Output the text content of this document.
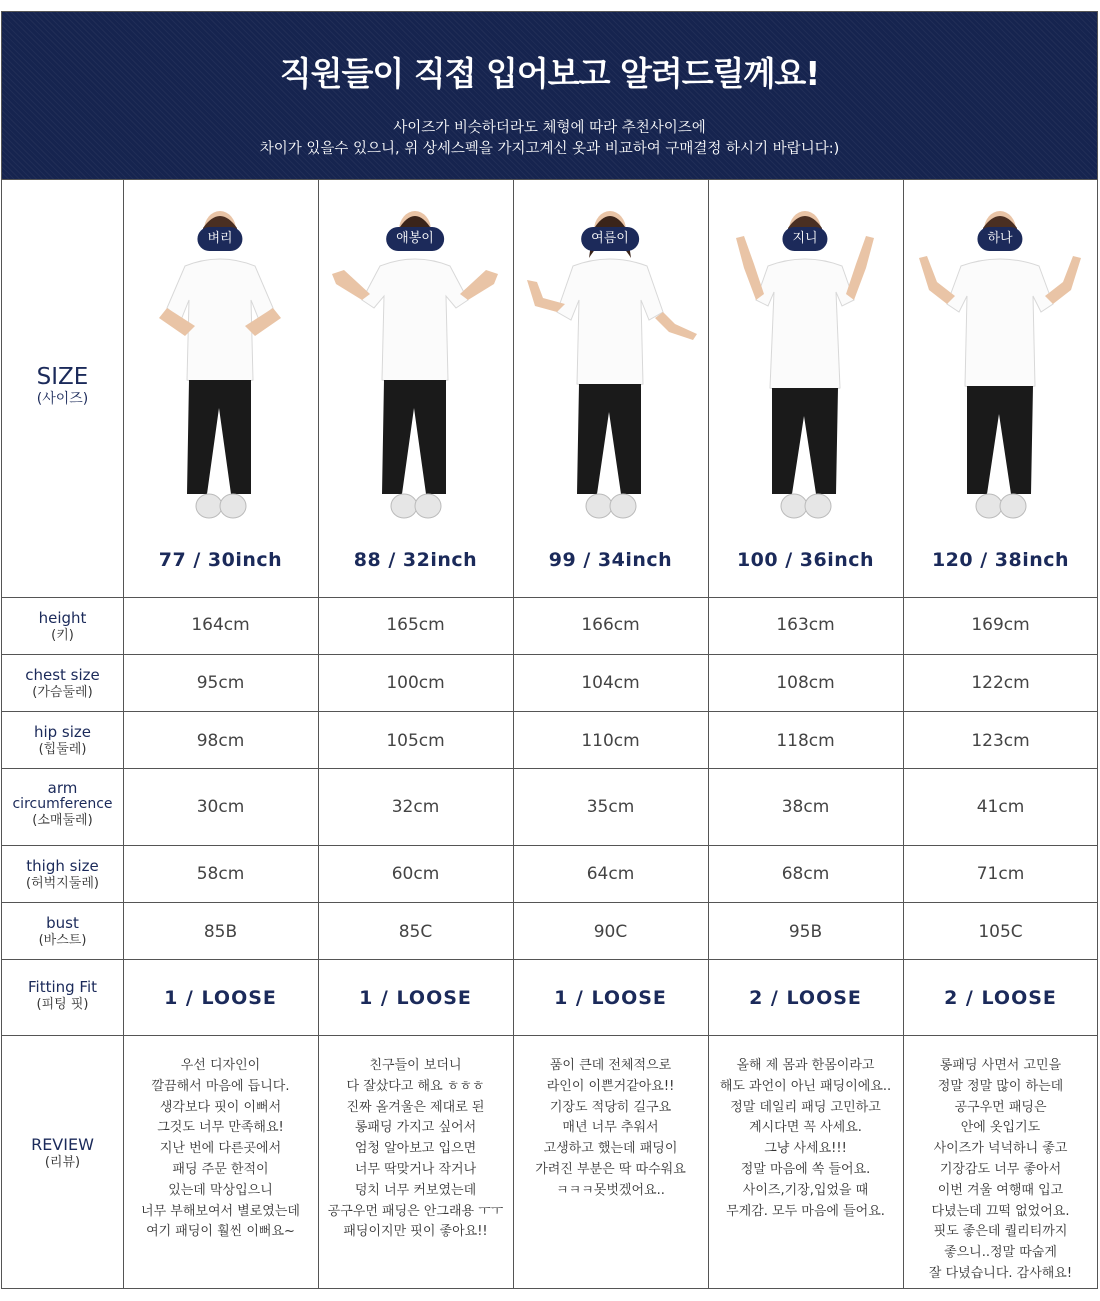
직원들이 직접 입어보고 알려드릴께요!
사이즈가 비슷하더라도 체형에 따라 추천사이즈에
차이가 있을수 있으니, 위 상세스펙을 가지고계신 옷과 비교하여 구매결정 하시기 바랍니다:)
SIZE
(사이즈)
height
(키)
chest size
(가슴둘레)
hip size
(힙둘레)
arm
circumference
(소매둘레)
thigh size
(허벅지둘레)
bust
(바스트)
Fitting Fit
(피팅 핏)
REVIEW
(리뷰)
벼리
77 / 30inch
164cm
95cm
98cm
30cm
58cm
85B
1 / LOOSE
우선 디자인이
깔끔해서 마음에 듭니다.
생각보다 핏이 이뻐서
그것도 너무 만족해요!
지난 번에 다른곳에서
패딩 주문 한적이
있는데 막상입으니
너무 부해보여서 별로였는데
여기 패딩이 훨씬 이뻐요~
애봉이
88 / 32inch
165cm
100cm
105cm
32cm
60cm
85C
1 / LOOSE
친구들이 보더니
다 잘샀다고 해요 ㅎㅎㅎ
진짜 올겨울은 제대로 된
롱패딩 가지고 싶어서
엄청 알아보고 입으면
너무 딱맞거나 작거나
덩치 너무 커보였는데
공구우먼 패딩은 안그래용 ㅜㅜ
패딩이지만 핏이 좋아요!!
여름이
99 / 34inch
166cm
104cm
110cm
35cm
64cm
90C
1 / LOOSE
품이 큰데 전체적으로
라인이 이쁜거같아요!!
기장도 적당히 길구요
매년 너무 추워서
고생하고 했는데 패딩이
가려진 부분은 딱 따수워요
ㅋㅋㅋ못벗겠어요..
지니
100 / 36inch
163cm
108cm
118cm
38cm
68cm
95B
2 / LOOSE
올해 제 몸과 한몸이라고
해도 과언이 아닌 패딩이에요..
정말 데일리 패딩 고민하고
계시다면 꼭 사세요.
그냥 사세요!!!
정말 마음에 쏙 들어요.
사이즈,기장,입었을 때
무게감. 모두 마음에 들어요.
하나
120 / 38inch
169cm
122cm
123cm
41cm
71cm
105C
2 / LOOSE
롱패딩 사면서 고민을
정말 정말 많이 하는데
공구우먼 패딩은
안에 옷입기도
사이즈가 넉넉하니 좋고
기장감도 너무 좋아서
이번 겨울 여행때 입고
다녔는데 끄떡 없었어요.
핏도 좋은데 퀄리티까지
좋으니..정말 따숩게
잘 다녔습니다. 감사해요!
